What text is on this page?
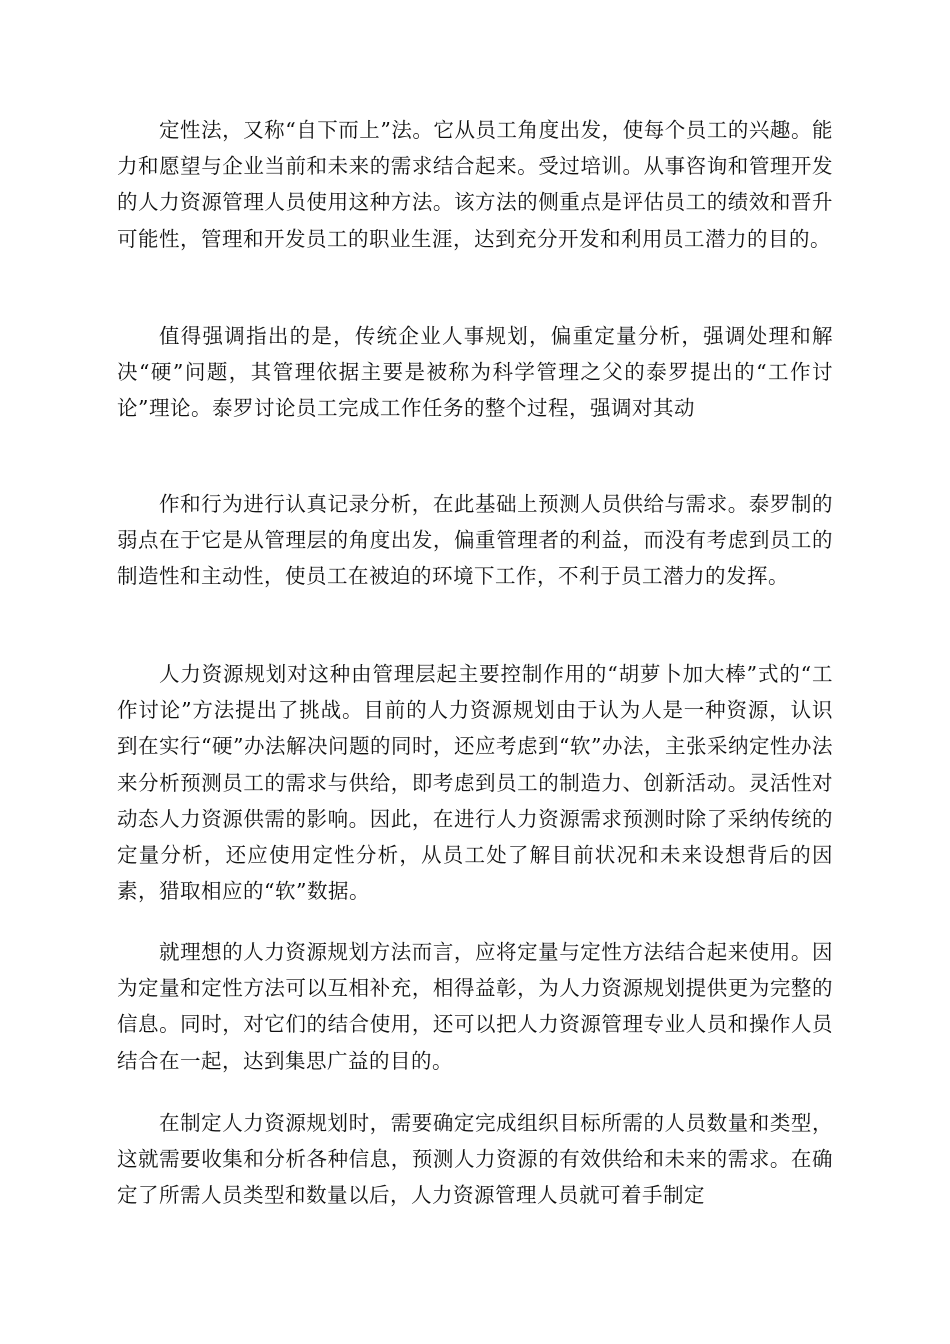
定性法，又称“自下而上”法。它从员工角度出发，使每个员工的兴趣。能力和愿望与企业当前和未来的需求结合起来。受过培训。从事咨询和管理开发的人力资源管理人员使用这种方法。该方法的侧重点是评估员工的绩效和晋升可能性，管理和开发员工的职业生涯，达到充分开发和利用员工潜力的目的。

值得强调指出的是，传统企业人事规划，偏重定量分析，强调处理和解决“硬”问题，其管理依据主要是被称为科学管理之父的泰罗提出的“工作讨论”理论。泰罗讨论员工完成工作任务的整个过程，强调对其动

作和行为进行认真记录分析，在此基础上预测人员供给与需求。泰罗制的弱点在于它是从管理层的角度出发，偏重管理者的利益，而没有考虑到员工的制造性和主动性，使员工在被迫的环境下工作，不利于员工潜力的发挥。

人力资源规划对这种由管理层起主要控制作用的“胡萝卜加大棒”式的“工作讨论”方法提出了挑战。目前的人力资源规划由于认为人是一种资源，认识到在实行“硬”办法解决问题的同时，还应考虑到“软”办法，主张采纳定性办法来分析预测员工的需求与供给，即考虑到员工的制造力、创新活动。灵活性对动态人力资源供需的影响。因此，在进行人力资源需求预测时除了采纳传统的定量分析，还应使用定性分析，从员工处了解目前状况和未来设想背后的因素，猎取相应的“软”数据。

就理想的人力资源规划方法而言，应将定量与定性方法结合起来使用。因为定量和定性方法可以互相补充，相得益彰，为人力资源规划提供更为完整的信息。同时，对它们的结合使用，还可以把人力资源管理专业人员和操作人员结合在一起，达到集思广益的目的。

在制定人力资源规划时，需要确定完成组织目标所需的人员数量和类型，这就需要收集和分析各种信息，预测人力资源的有效供给和未来的需求。在确定了所需人员类型和数量以后，人力资源管理人员就可着手制定
